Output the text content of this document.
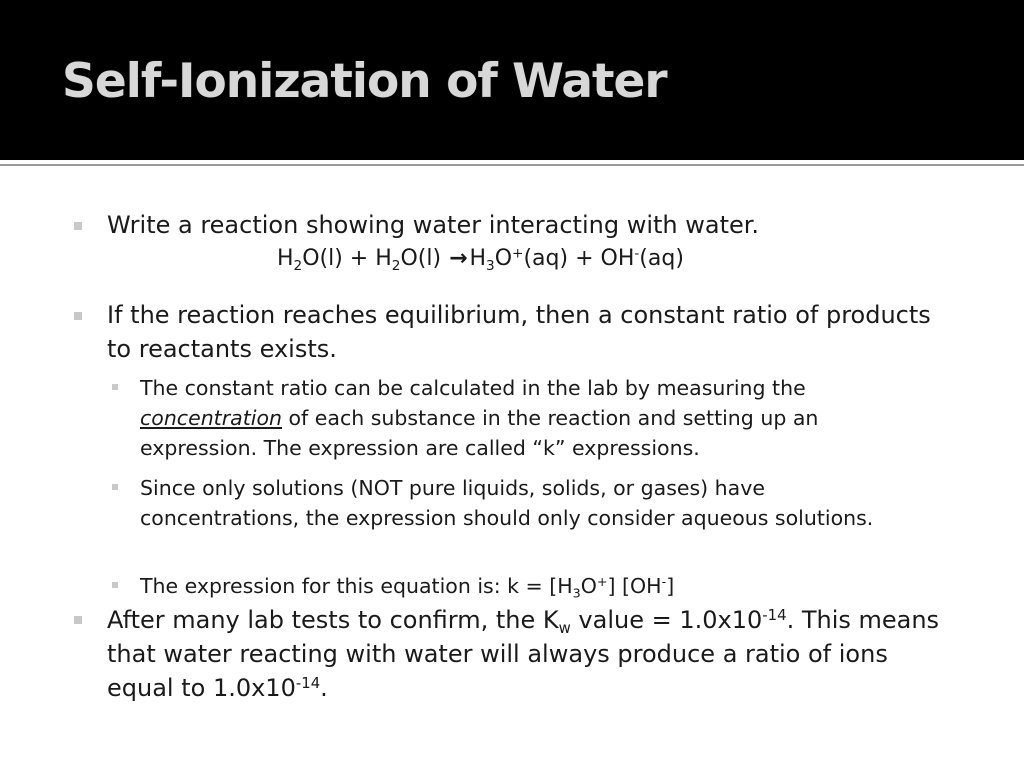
Self-Ionization of Water
Write a reaction showing water interacting with water.
$H_2O(l) + H_2O(l) \to H_3O^+(aq) + OH^-(aq)$
If the reaction reaches equilibrium, then a constant ratio of products to reactants exists.
The constant ratio can be calculated in the lab by measuring the concentration of each substance in the reaction and setting up an expression. The expression are called “k” expressions.
Since only solutions (NOT pure liquids, solids, or gases) have concentrations, the expression should only consider aqueous solutions.
The expression for this equation is: $k = [H_3O^+]$ [OH-]
After many lab tests to confirm, the $K_w$ value = $1.0x10^{-14}$. This means that water reacting with water will always produce a ratio of ions equal to $1.0x10^{-14}$.
